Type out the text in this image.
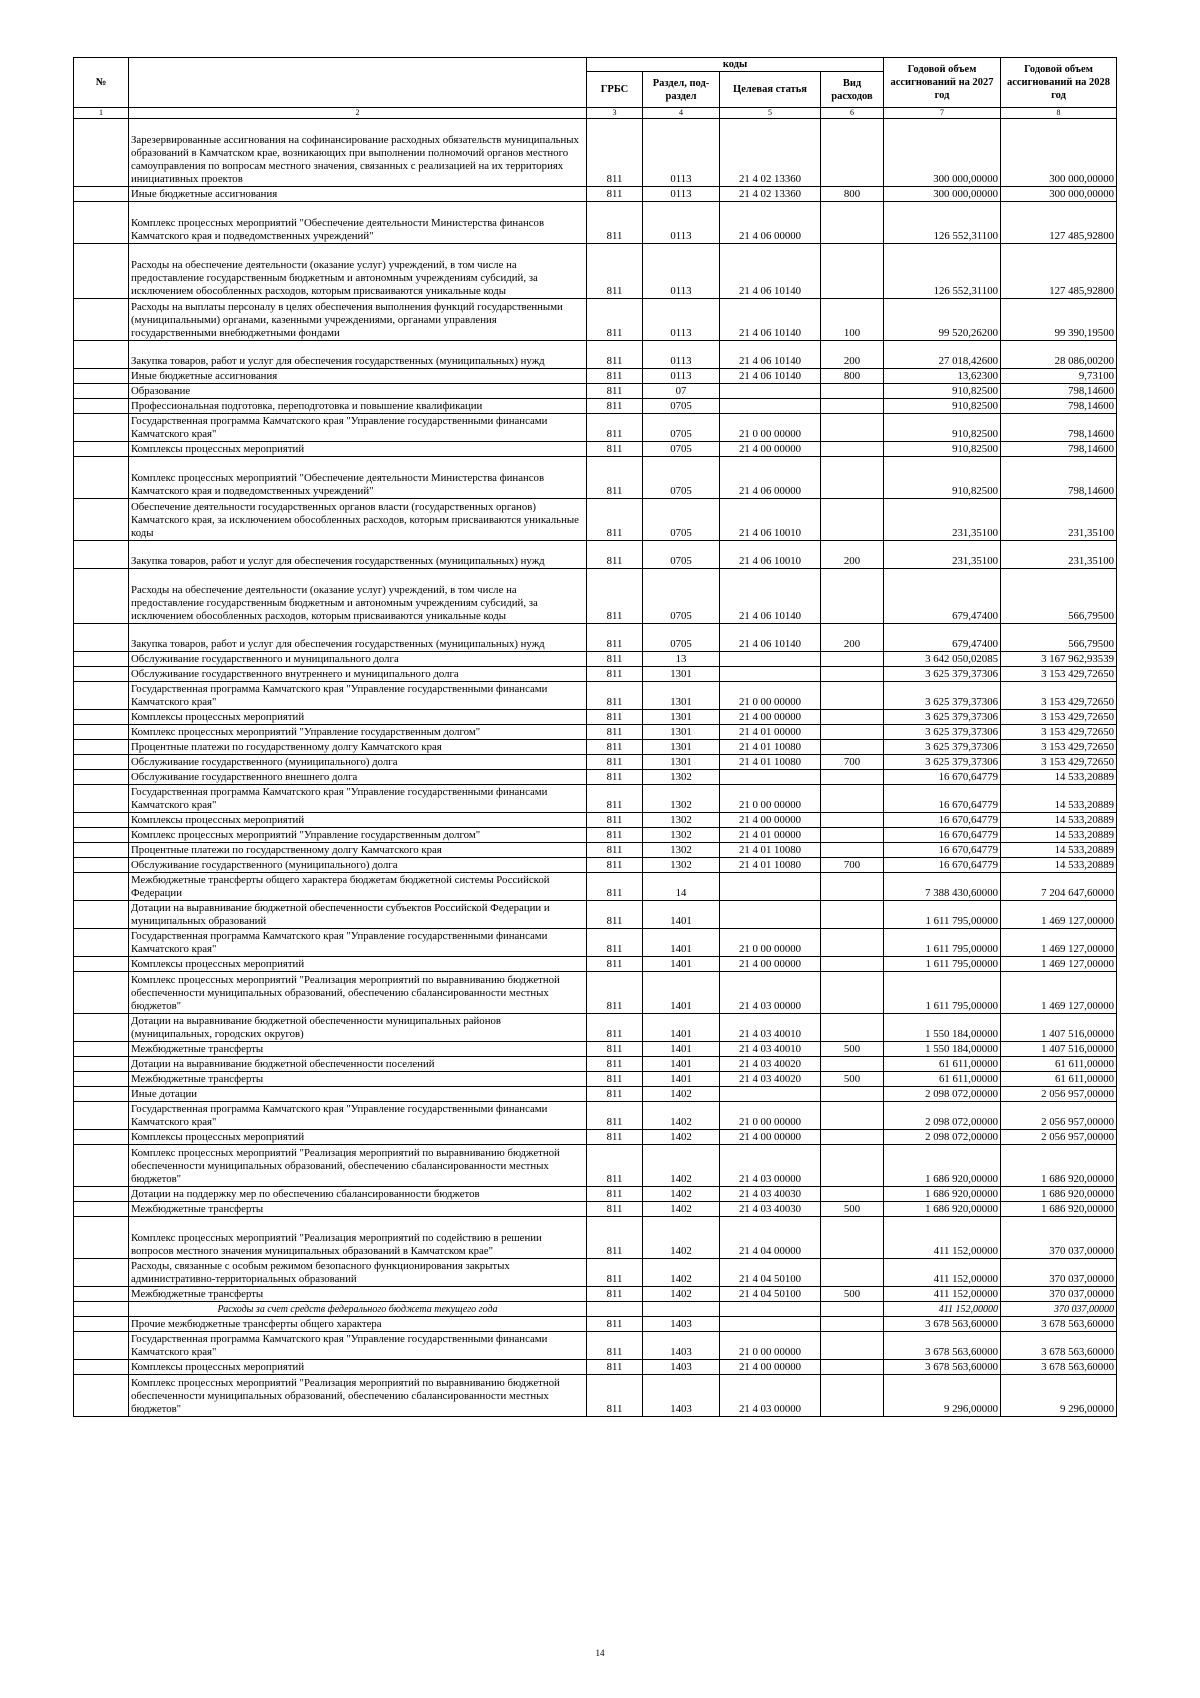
№		коды				Годовой объем ассигнований на 2027 год	Годовой объем ассигнований на 2028 год
		ГРБС	Раздел, под-раздел	Целевая статья	Вид расходов		
1	2	3	4	5	6	7	8
	Зарезервированные ассигнования на софинансирование расходных обязательств муниципальных образований в Камчатском крае, возникающих при выполнении полномочий органов местного самоуправления по вопросам местного значения, связанных с реализацией на их территориях инициативных проектов	811	0113	21 4 02 13360		300 000,00000	300 000,00000
	Иные бюджетные ассигнования	811	0113	21 4 02 13360	800	300 000,00000	300 000,00000
	Комплекс процессных мероприятий "Обеспечение деятельности Министерства финансов Камчатского края и подведомственных учреждений"	811	0113	21 4 06 00000		126 552,31100	127 485,92800
	Расходы на обеспечение деятельности (оказание услуг) учреждений, в том числе на предоставление государственным бюджетным и автономным учреждениям субсидий, за исключением обособленных расходов, которым присваиваются уникальные коды	811	0113	21 4 06 10140		126 552,31100	127 485,92800
	Расходы на выплаты персоналу в целях обеспечения выполнения функций государственными (муниципальными) органами, казенными учреждениями, органами управления государственными внебюджетными фондами	811	0113	21 4 06 10140	100	99 520,26200	99 390,19500
	Закупка товаров, работ и услуг для обеспечения государственных (муниципальных) нужд	811	0113	21 4 06 10140	200	27 018,42600	28 086,00200
	Иные бюджетные ассигнования	811	0113	21 4 06 10140	800	13,62300	9,73100
	Образование	811	07			910,82500	798,14600
	Профессиональная подготовка, переподготовка и повышение квалификации	811	0705			910,82500	798,14600
	Государственная программа Камчатского края "Управление государственными финансами Камчатского края"	811	0705	21 0 00 00000		910,82500	798,14600
	Комплексы процессных мероприятий	811	0705	21 4 00 00000		910,82500	798,14600
	Комплекс процессных мероприятий "Обеспечение деятельности Министерства финансов Камчатского края и подведомственных учреждений"	811	0705	21 4 06 00000		910,82500	798,14600
	Обеспечение деятельности государственных органов власти (государственных органов) Камчатского края, за исключением обособленных расходов, которым присваиваются уникальные коды	811	0705	21 4 06 10010		231,35100	231,35100
	Закупка товаров, работ и услуг для обеспечения государственных (муниципальных) нужд	811	0705	21 4 06 10010	200	231,35100	231,35100
	Расходы на обеспечение деятельности (оказание услуг) учреждений, в том числе на предоставление государственным бюджетным и автономным учреждениям субсидий, за исключением обособленных расходов, которым присваиваются уникальные коды	811	0705	21 4 06 10140		679,47400	566,79500
	Закупка товаров, работ и услуг для обеспечения государственных (муниципальных) нужд	811	0705	21 4 06 10140	200	679,47400	566,79500
	Обслуживание государственного и муниципального долга	811	13			3 642 050,02085	3 167 962,93539
	Обслуживание государственного внутреннего и муниципального долга	811	1301			3 625 379,37306	3 153 429,72650
	Государственная программа Камчатского края "Управление государственными финансами Камчатского края"	811	1301	21 0 00 00000		3 625 379,37306	3 153 429,72650
	Комплексы процессных мероприятий	811	1301	21 4 00 00000		3 625 379,37306	3 153 429,72650
	Комплекс процессных мероприятий "Управление государственным долгом"	811	1301	21 4 01 00000		3 625 379,37306	3 153 429,72650
	Процентные платежи по государственному долгу Камчатского края	811	1301	21 4 01 10080		3 625 379,37306	3 153 429,72650
	Обслуживание государственного (муниципального) долга	811	1301	21 4 01 10080	700	3 625 379,37306	3 153 429,72650
	Обслуживание государственного внешнего долга	811	1302			16 670,64779	14 533,20889
	Государственная программа Камчатского края "Управление государственными финансами Камчатского края"	811	1302	21 0 00 00000		16 670,64779	14 533,20889
	Комплексы процессных мероприятий	811	1302	21 4 00 00000		16 670,64779	14 533,20889
	Комплекс процессных мероприятий "Управление государственным долгом"	811	1302	21 4 01 00000		16 670,64779	14 533,20889
	Процентные платежи по государственному долгу Камчатского края	811	1302	21 4 01 10080		16 670,64779	14 533,20889
	Обслуживание государственного (муниципального) долга	811	1302	21 4 01 10080	700	16 670,64779	14 533,20889
	Межбюджетные трансферты общего характера бюджетам бюджетной системы Российской Федерации	811	14			7 388 430,60000	7 204 647,60000
	Дотации на выравнивание бюджетной обеспеченности субъектов Российской Федерации и муниципальных образований	811	1401			1 611 795,00000	1 469 127,00000
	Государственная программа Камчатского края "Управление государственными финансами Камчатского края"	811	1401	21 0 00 00000		1 611 795,00000	1 469 127,00000
	Комплексы процессных мероприятий	811	1401	21 4 00 00000		1 611 795,00000	1 469 127,00000
	Комплекс процессных мероприятий "Реализация мероприятий по выравниванию бюджетной обеспеченности муниципальных образований, обеспечению сбалансированности местных бюджетов"	811	1401	21 4 03 00000		1 611 795,00000	1 469 127,00000
	Дотации на выравнивание бюджетной обеспеченности муниципальных районов (муниципальных, городских округов)	811	1401	21 4 03 40010		1 550 184,00000	1 407 516,00000
	Межбюджетные трансферты	811	1401	21 4 03 40010	500	1 550 184,00000	1 407 516,00000
	Дотации на выравнивание бюджетной обеспеченности поселений	811	1401	21 4 03 40020		61 611,00000	61 611,00000
	Межбюджетные трансферты	811	1401	21 4 03 40020	500	61 611,00000	61 611,00000
	Иные дотации	811	1402			2 098 072,00000	2 056 957,00000
	Государственная программа Камчатского края "Управление государственными финансами Камчатского края"	811	1402	21 0 00 00000		2 098 072,00000	2 056 957,00000
	Комплексы процессных мероприятий	811	1402	21 4 00 00000		2 098 072,00000	2 056 957,00000
	Комплекс процессных мероприятий "Реализация мероприятий по выравниванию бюджетной обеспеченности муниципальных образований, обеспечению сбалансированности местных бюджетов"	811	1402	21 4 03 00000		1 686 920,00000	1 686 920,00000
	Дотации на поддержку мер по обеспечению сбалансированности бюджетов	811	1402	21 4 03 40030		1 686 920,00000	1 686 920,00000
	Межбюджетные трансферты	811	1402	21 4 03 40030	500	1 686 920,00000	1 686 920,00000
	Комплекс процессных мероприятий "Реализация мероприятий по содействию в решении вопросов местного значения муниципальных образований в Камчатском крае"	811	1402	21 4 04 00000		411 152,00000	370 037,00000
	Расходы, связанные с особым режимом безопасного функционирования закрытых административно-территориальных образований	811	1402	21 4 04 50100		411 152,00000	370 037,00000
	Межбюджетные трансферты	811	1402	21 4 04 50100	500	411 152,00000	370 037,00000
	Расходы за счет средств федерального бюджета текущего года					411 152,00000	370 037,00000
	Прочие межбюджетные трансферты общего характера	811	1403			3 678 563,60000	3 678 563,60000
	Государственная программа Камчатского края "Управление государственными финансами Камчатского края"	811	1403	21 0 00 00000		3 678 563,60000	3 678 563,60000
	Комплексы процессных мероприятий	811	1403	21 4 00 00000		3 678 563,60000	3 678 563,60000
	Комплекс процессных мероприятий "Реализация мероприятий по выравниванию бюджетной обеспеченности муниципальных образований, обеспечению сбалансированности местных бюджетов"	811	1403	21 4 03 00000		9 296,00000	9 296,00000
14
